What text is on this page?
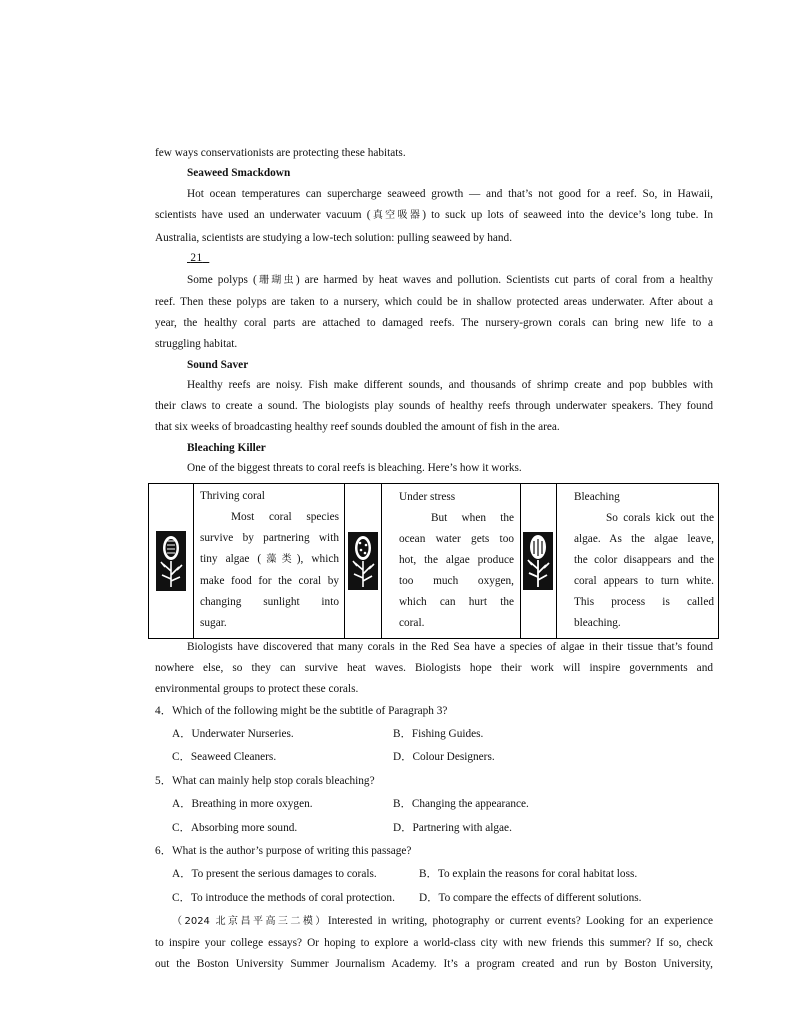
few ways conservationists are protecting these habitats.
Seaweed Smackdown
Hot ocean temperatures can supercharge seaweed growth — and that’s not good for a reef. So, in Hawaii,
scientists have used an underwater vacuum (真空吸器) to suck up lots of seaweed into the device’s long tube. In
Australia, scientists are studying a low-tech solution: pulling seaweed by hand.
21
Some polyps (珊瑚虫) are harmed by heat waves and pollution. Scientists cut parts of coral from a healthy
reef. Then these polyps are taken to a nursery, which could be in shallow protected areas underwater. After about a
year, the healthy coral parts are attached to damaged reefs. The nursery-grown corals can bring new life to a
struggling habitat.
Sound Saver
Healthy reefs are noisy. Fish make different sounds, and thousands of shrimp create and pop bubbles with
their claws to create a sound. The biologists play sounds of healthy reefs through underwater speakers. They found
that six weeks of broadcasting healthy reef sounds doubled the amount of fish in the area.
Bleaching Killer
One of the biggest threats to coral reefs is bleaching. Here’s how it works.
Thriving coral
Most coral species
survive by partnering with
tiny algae (藻类), which
make food for the coral by
changing sunlight into
sugar.
Under stress
But when the
ocean water gets too
hot, the algae produce
too much oxygen,
which can hurt the
coral.
Bleaching
So corals kick out the
algae. As the algae leave,
the color disappears and the
coral appears to turn white.
This process is called
bleaching.
Biologists have discovered that many corals in the Red Sea have a species of algae in their tissue that’s found
nowhere else, so they can survive heat waves. Biologists hope their work will inspire governments and
environmental groups to protect these corals.
4．Which of the following might be the subtitle of Paragraph 3?
A．Underwater Nurseries.	B．Fishing Guides.
C．Seaweed Cleaners.	D．Colour Designers.
5．What can mainly help stop corals bleaching?
A．Breathing in more oxygen.	B．Changing the appearance.
C．Absorbing more sound.	D．Partnering with algae.
6．What is the author’s purpose of writing this passage?
A．To present the serious damages to corals.	B．To explain the reasons for coral habitat loss.
C．To introduce the methods of coral protection. D．To compare the effects of different solutions.
（2024 北京昌平高三二模）Interested in writing, photography or current events? Looking for an experience
to inspire your college essays? Or hoping to explore a world-class city with new friends this summer? If so, check
out the Boston University Summer Journalism Academy. It’s a program created and run by Boston University,
